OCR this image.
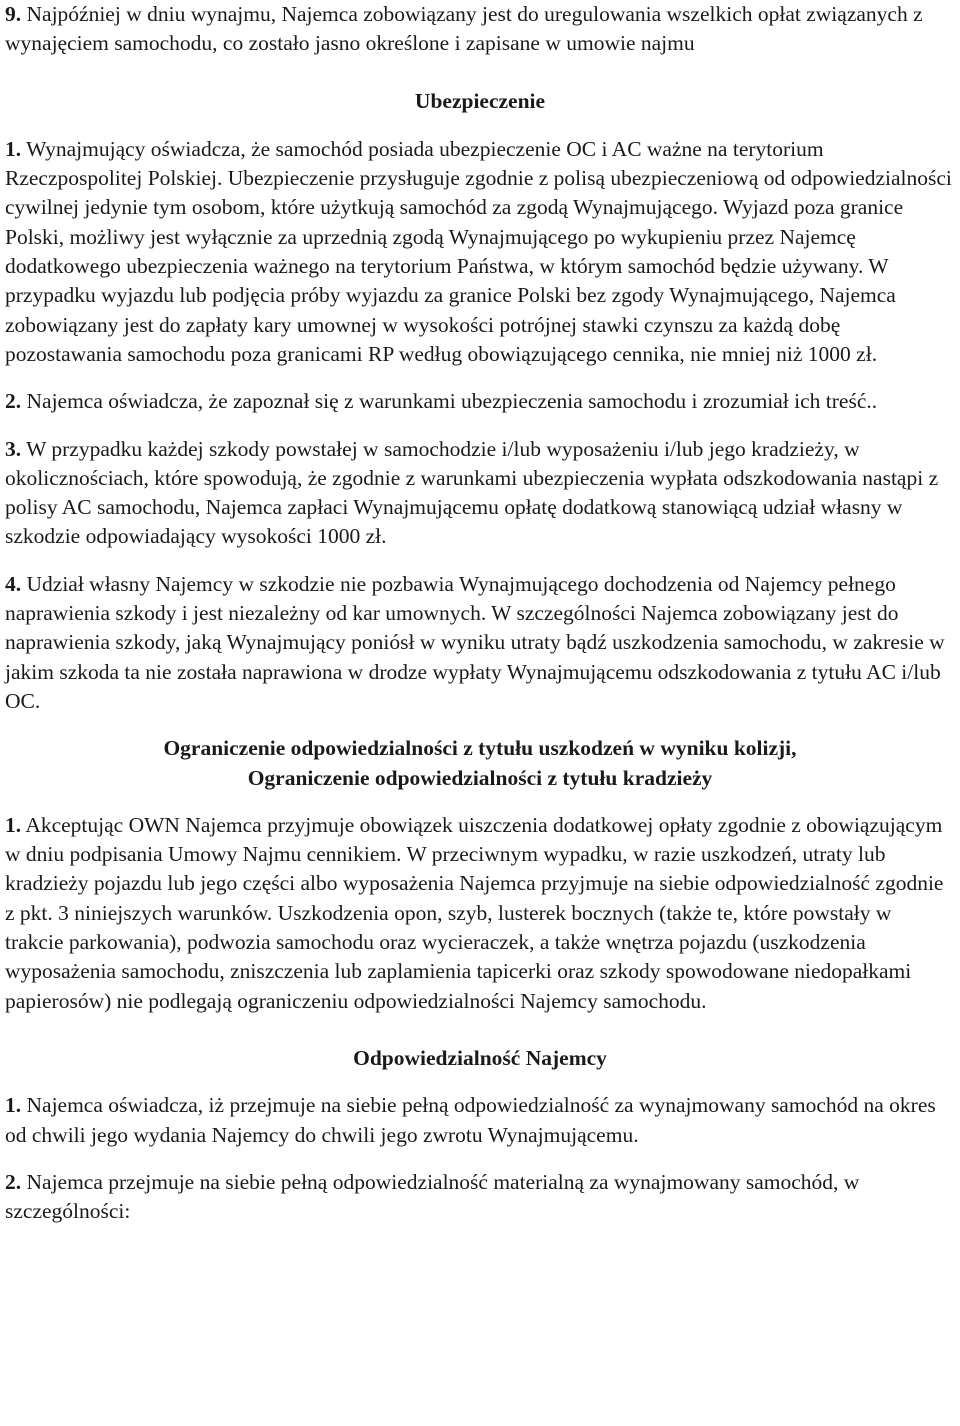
9. Najpóźniej w dniu wynajmu, Najemca zobowiązany jest do uregulowania wszelkich opłat związanych z wynajęciem samochodu, co zostało jasno określone i zapisane w umowie najmu

Ubezpieczenie

1. Wynajmujący oświadcza, że samochód posiada ubezpieczenie OC i AC ważne na terytorium Rzeczpospolitej Polskiej. Ubezpieczenie przysługuje zgodnie z polisą ubezpieczeniową od odpowiedzialności cywilnej jedynie tym osobom, które użytkują samochód za zgodą Wynajmującego. Wyjazd poza granice Polski, możliwy jest wyłącznie za uprzednią zgodą Wynajmującego po wykupieniu przez Najemcę dodatkowego ubezpieczenia ważnego na terytorium Państwa, w którym samochód będzie używany. W przypadku wyjazdu lub podjęcia próby wyjazdu za granice Polski bez zgody Wynajmującego, Najemca zobowiązany jest do zapłaty kary umownej w wysokości potrójnej stawki czynszu za każdą dobę pozostawania samochodu poza granicami RP według obowiązującego cennika, nie mniej niż 1000 zł.

2. Najemca oświadcza, że zapoznał się z warunkami ubezpieczenia samochodu i zrozumiał ich treść..

3. W przypadku każdej szkody powstałej w samochodzie i/lub wyposażeniu i/lub jego kradzieży, w okolicznościach, które spowodują, że zgodnie z warunkami ubezpieczenia wypłata odszkodowania nastąpi z polisy AC samochodu, Najemca zapłaci Wynajmującemu opłatę dodatkową stanowiącą udział własny w szkodzie odpowiadający wysokości 1000 zł.

4. Udział własny Najemcy w szkodzie nie pozbawia Wynajmującego dochodzenia od Najemcy pełnego naprawienia szkody i jest niezależny od kar umownych. W szczególności Najemca zobowiązany jest do naprawienia szkody, jaką Wynajmujący poniósł w wyniku utraty bądź uszkodzenia samochodu, w zakresie w jakim szkoda ta nie została naprawiona w drodze wypłaty Wynajmującemu odszkodowania z tytułu AC i/lub OC.

Ograniczenie odpowiedzialności z tytułu uszkodzeń w wyniku kolizji,
Ograniczenie odpowiedzialności z tytułu kradzieży

1. Akceptując OWN Najemca przyjmuje obowiązek uiszczenia dodatkowej opłaty zgodnie z obowiązującym w dniu podpisania Umowy Najmu cennikiem. W przeciwnym wypadku, w razie uszkodzeń, utraty lub kradzieży pojazdu lub jego części albo wyposażenia Najemca przyjmuje na siebie odpowiedzialność zgodnie z pkt. 3 niniejszych warunków. Uszkodzenia opon, szyb, lusterek bocznych (także te, które powstały w trakcie parkowania), podwozia samochodu oraz wycieraczek, a także wnętrza pojazdu (uszkodzenia wyposażenia samochodu, zniszczenia lub zaplamienia tapicerki oraz szkody spowodowane niedopałkami papierosów) nie podlegają ograniczeniu odpowiedzialności Najemcy samochodu.

Odpowiedzialność Najemcy

1. Najemca oświadcza, iż przejmuje na siebie pełną odpowiedzialność za wynajmowany samochód na okres od chwili jego wydania Najemcy do chwili jego zwrotu Wynajmującemu.

2. Najemca przejmuje na siebie pełną odpowiedzialność materialną za wynajmowany samochód, w szczególności:
